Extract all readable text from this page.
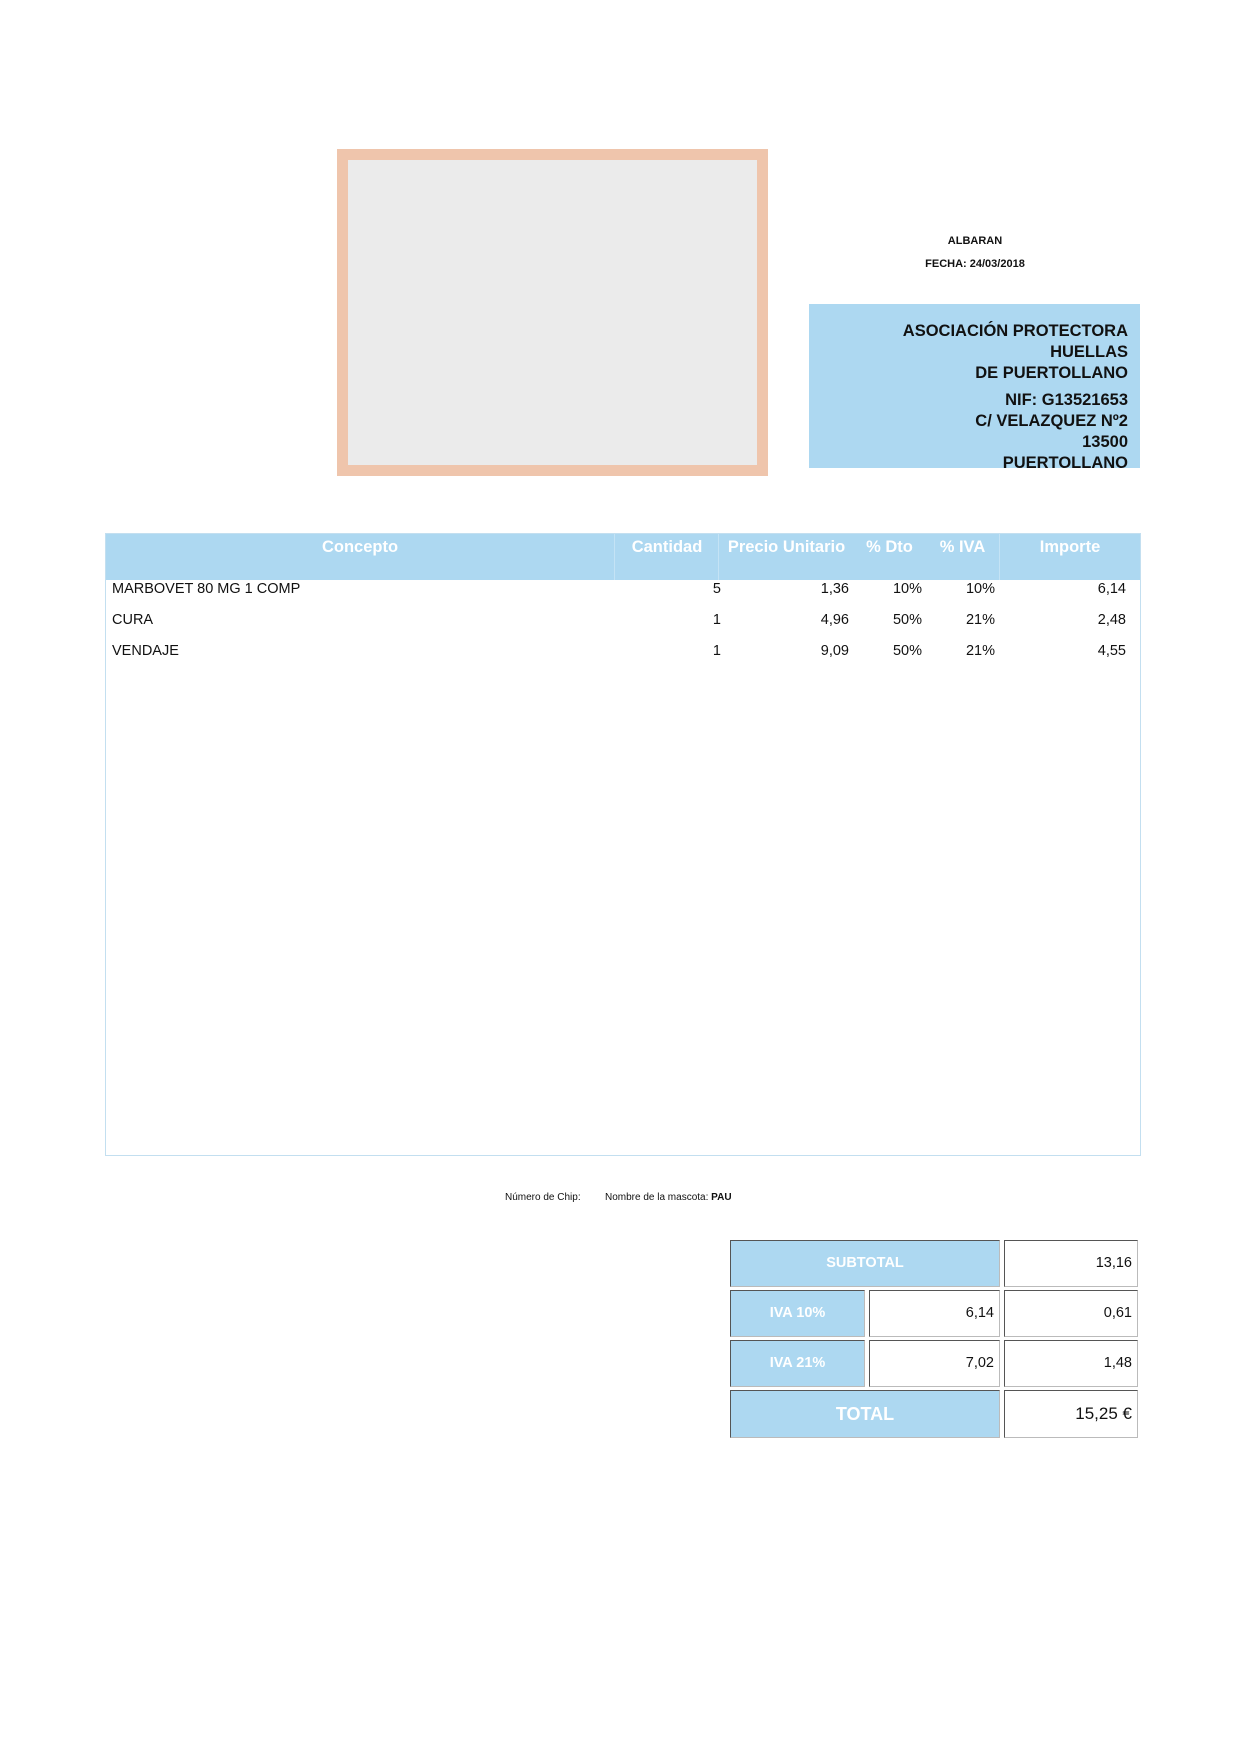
ALBARAN
FECHA: 24/03/2018
ASOCIACIÓN PROTECTORA HUELLAS
DE PUERTOLLANO
NIF: G13521653
C/ VELAZQUEZ Nº2
13500
PUERTOLLANO
Concepto	Cantidad	Precio Unitario	% Dto	% IVA	Importe
MARBOVET 80 MG 1 COMP	5	1,36	10%	10%	6,14
CURA	1	4,96	50%	21%	2,48
VENDAJE	1	9,09	50%	21%	4,55
Número de Chip: Nombre de la mascota: PAU
SUBTOTAL	13,16
IVA 10%	6,14	0,61
IVA 21%	7,02	1,48
TOTAL	15,25 €
